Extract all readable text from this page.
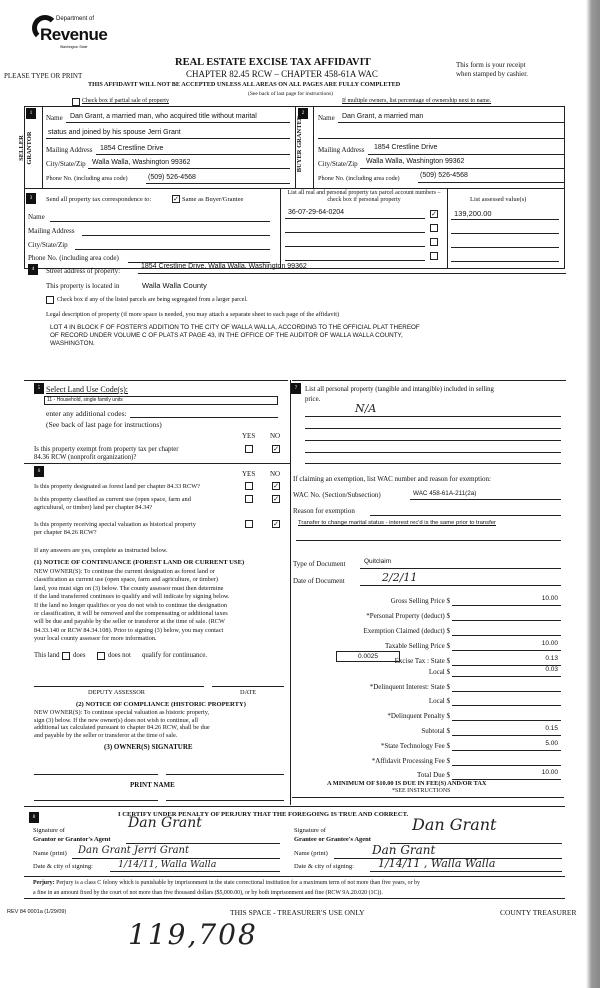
Department of
Revenue
Washington State
PLEASE TYPE OR PRINT
REAL ESTATE EXCISE TAX AFFIDAVIT
CHAPTER 82.45 RCW – CHAPTER 458-61A WAC
This form is your receipt
when stamped by cashier.
THIS AFFIDAVIT WILL NOT BE ACCEPTED UNLESS ALL AREAS ON ALL PAGES ARE FULLY COMPLETED
(See back of last page for instructions)
Check box if partial sale of property	If multiple owners, list percentage of ownership next to name.
1
SELLER GRANTOR
Name Dan Grant, a married man, who acquired title without marital
status and joined by his spouse Jerri Grant
Mailing Address 1854 Crestline Drive
City/State/Zip Walla Walla, Washington 99362
Phone No. (including area code)	(509) 526-4568
2
BUYER GRANTEE Name Dan Grant, a married man
Mailing Address 1854 Crestline Drive
City/State/Zip Walla Walla, Washington 99362
Phone No. (including area code)	(509) 526-4568
3	Send all property tax correspondence to:	✓ Same as Buyer/Grantee
Name
Mailing Address
City/State/Zip
Phone No. (including area code)
List all real and personal property tax parcel account numbers – check box if personal property
36-07-29-64-0204	✓
List assessed value(s)
139,200.00
4	Street address of property:
1854 Crestline Drive, Walla Walla, Washington 99362
This property is located in	Walla Walla County
Check box if any of the listed parcels are being segregated from a larger parcel.
Legal description of property (if more space is needed, you may attach a separate sheet to each page of the affidavit)
LOT 4 IN BLOCK F OF FOSTER'S ADDITION TO THE CITY OF WALLA WALLA, ACCORDING TO THE OFFICIAL PLAT THEREOF
OF RECORD UNDER VOLUME C OF PLATS AT PAGE 43, IN THE OFFICE OF THE AUDITOR OF WALLA WALLA COUNTY,
WASHINGTON.
5 Select Land Use Code(s):
11 - Household, single family units
enter any additional codes:
(See back of last page for instructions)
YES NO
Is this property exempt from property tax per chapter
84.36 RCW (nonprofit organization)?
✓
6	YES NO
Is this property designated as forest land per chapter 84.33 RCW?	✓
Is this property classified as current use (open space, farm and
agricultural, or timber) land per chapter 84.34?
✓
Is this property receiving special valuation as historical property
per chapter 84.26 RCW?
✓
If any answers are yes, complete as instructed below.
(1) NOTICE OF CONTINUANCE (FOREST LAND OR CURRENT USE)
NEW OWNER(S): To continue the current designation as forest land or
classification as current use (open space, farm and agriculture, or timber)
land, you must sign on (3) below. The county assessor must then determine
if the land transferred continues to qualify and will indicate by signing below.
If the land no longer qualifies or you do not wish to continue the designation
or classification, it will be removed and the compensating or additional taxes
will be due and payable by the seller or transferor at the time of sale. (RCW
84.33.140 or RCW 84.34.108). Prior to signing (3) below, you may contact
your local county assessor for more information.
This land does	does not qualify for continuance.
DEPUTY ASSESSOR	DATE
(2) NOTICE OF COMPLIANCE (HISTORIC PROPERTY)
NEW OWNER(S): To continue special valuation as historic property,
sign (3) below. If the new owner(s) does not wish to continue, all
additional tax calculated pursuant to chapter 84.26 RCW, shall be due
and payable by the seller or transferor at the time of sale.
(3) OWNER(S) SIGNATURE
PRINT NAME
7	List all personal property (tangible and intangible) included in selling
price.
N/A
If claiming an exemption, list WAC number and reason for exemption:
WAC No. (Section/Subsection)	WAC 458-61A-211(2a)
Reason for exemption
Transfer to change marital status - interest rec'd is the same prior to transfer
Type of Document	Quitclaim
Date of Document	2/2/11
Gross Selling Price $	10.00
*Personal Property (deduct) $
Exemption Claimed (deduct) $
Taxable Selling Price $	10.00
Excise Tax : State $	0.13
Local $	0.03
*Delinquent Interest: State $
Local $
*Delinquent Penalty $
Subtotal $	0.15
*State Technology Fee $	5.00
*Affidavit Processing Fee $
Total Due $	10.00
0.0025
A MINIMUM OF $10.00 IS DUE IN FEE(S) AND/OR TAX
*SEE INSTRUCTIONS
8	I CERTIFY UNDER PENALTY OF PERJURY THAT THE FOREGOING IS TRUE AND CORRECT.
Signature of
Grantor or Grantor's Agent
Dan Grant
Name (print) Dan Grant Jerri Grant
Date & city of signing:	1/14/11, Walla Walla
Signature of
Grantee or Grantee's Agent
Dan Grant
Name (print)	Dan Grant
Date & city of signing: 1/14/11 , Walla Walla
Perjury: Perjury is a class C felony which is punishable by imprisonment in the state correctional institution for a maximum term of not more than five years, or by
a fine in an amount fixed by the court of not more than five thousand dollars ($5,000.00), or by both imprisonment and fine (RCW 9A.20.020 (1C)).
REV 84 0001a (1/29/09)	THIS SPACE - TREASURER'S USE ONLY	COUNTY TREASURER
119,708
